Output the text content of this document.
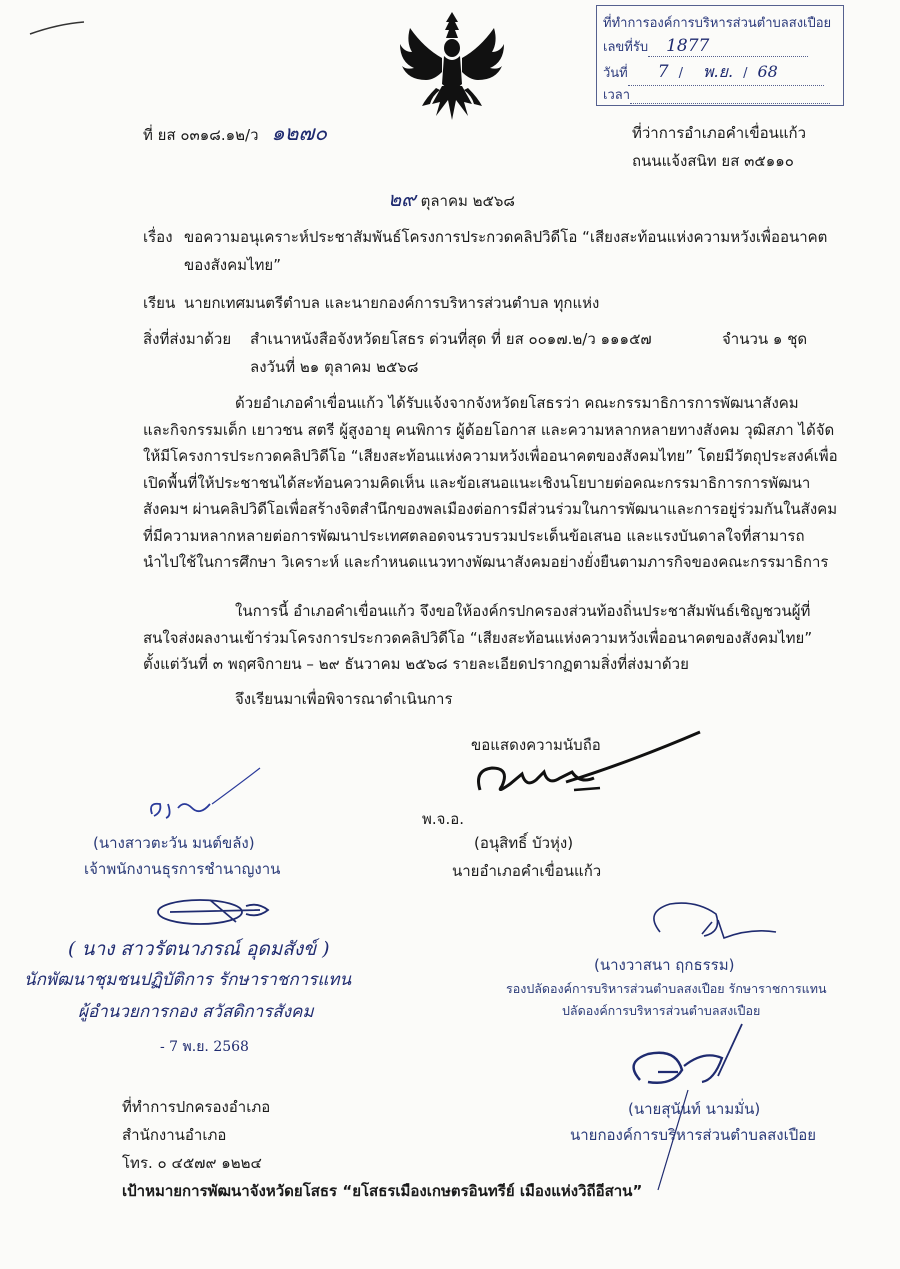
ที่ทำการองค์การบริหารส่วนตำบลสงเปือย
เลขที่รับ 1877
วันที่ 7 / พ.ย. / 68
เวลา
ที่ ยส ๐๓๑๘.๑๒/ว ๑๒๗๐	ที่ว่าการอำเภอคำเขื่อนแก้ว
ถนนแจ้งสนิท ยส ๓๕๑๑๐
๒๙ ตุลาคม ๒๕๖๘
เรื่อง ขอความอนุเคราะห์ประชาสัมพันธ์โครงการประกวดคลิปวิดีโอ “เสียงสะท้อนแห่งความหวังเพื่ออนาคต
ของสังคมไทย”
เรียน นายกเทศมนตรีตำบล และนายกองค์การบริหารส่วนตำบล ทุกแห่ง
สิ่งที่ส่งมาด้วย สำเนาหนังสือจังหวัดยโสธร ด่วนที่สุด ที่ ยส ๐๐๑๗.๒/ว ๑๑๑๕๗
ลงวันที่ ๒๑ ตุลาคม ๒๕๖๘
จำนวน ๑ ชุด
ด้วยอำเภอคำเขื่อนแก้ว ได้รับแจ้งจากจังหวัดยโสธรว่า คณะกรรมาธิการการพัฒนาสังคม
และกิจกรรมเด็ก เยาวชน สตรี ผู้สูงอายุ คนพิการ ผู้ด้อยโอกาส และความหลากหลายทางสังคม วุฒิสภา ได้จัด
ให้มีโครงการประกวดคลิปวิดีโอ “เสียงสะท้อนแห่งความหวังเพื่ออนาคตของสังคมไทย” โดยมีวัตถุประสงค์เพื่อ
เปิดพื้นที่ให้ประชาชนได้สะท้อนความคิดเห็น และข้อเสนอแนะเชิงนโยบายต่อคณะกรรมาธิการการพัฒนา
สังคมฯ ผ่านคลิปวิดีโอเพื่อสร้างจิตสำนึกของพลเมืองต่อการมีส่วนร่วมในการพัฒนาและการอยู่ร่วมกันในสังคม
ที่มีความหลากหลายต่อการพัฒนาประเทศตลอดจนรวบรวมประเด็นข้อเสนอ และแรงบันดาลใจที่สามารถ
นำไปใช้ในการศึกษา วิเคราะห์ และกำหนดแนวทางพัฒนาสังคมอย่างยั่งยืนตามภารกิจของคณะกรรมาธิการ
ในการนี้ อำเภอคำเขื่อนแก้ว จึงขอให้องค์กรปกครองส่วนท้องถิ่นประชาสัมพันธ์เชิญชวนผู้ที่
สนใจส่งผลงานเข้าร่วมโครงการประกวดคลิปวิดีโอ “เสียงสะท้อนแห่งความหวังเพื่ออนาคตของสังคมไทย”
ตั้งแต่วันที่ ๓ พฤศจิกายน – ๒๙ ธันวาคม ๒๕๖๘ รายละเอียดปรากฏตามสิ่งที่ส่งมาด้วย
จึงเรียนมาเพื่อพิจารณาดำเนินการ
ขอแสดงความนับถือ
พ.จ.อ.
(อนุสิทธิ์ บัวหุ่ง)
นายอำเภอคำเขื่อนแก้ว
(นางสาวตะวัน มนต์ขลัง)
เจ้าพนักงานธุรการชำนาญงาน
( นาง สาวรัตนาภรณ์ อุดมสังข์ )
นักพัฒนาชุมชนปฏิบัติการ รักษาราชการแทน
ผู้อำนวยการกอง สวัสดิการสังคม
- 7 พ.ย. 2568
(นางวาสนา ฤกธรรม)
รองปลัดองค์การบริหารส่วนตำบลสงเปือย รักษาราชการแทน
ปลัดองค์การบริหารส่วนตำบลสงเปือย
(นายสุนันท์ นามมั่น)
นายกองค์การบริหารส่วนตำบลสงเปือย
ที่ทำการปกครองอำเภอ
สำนักงานอำเภอ
โทร. ๐ ๔๕๗๙ ๑๒๒๔
เป้าหมายการพัฒนาจังหวัดยโสธร “ยโสธรเมืองเกษตรอินทรีย์ เมืองแห่งวิถีอีสาน”
